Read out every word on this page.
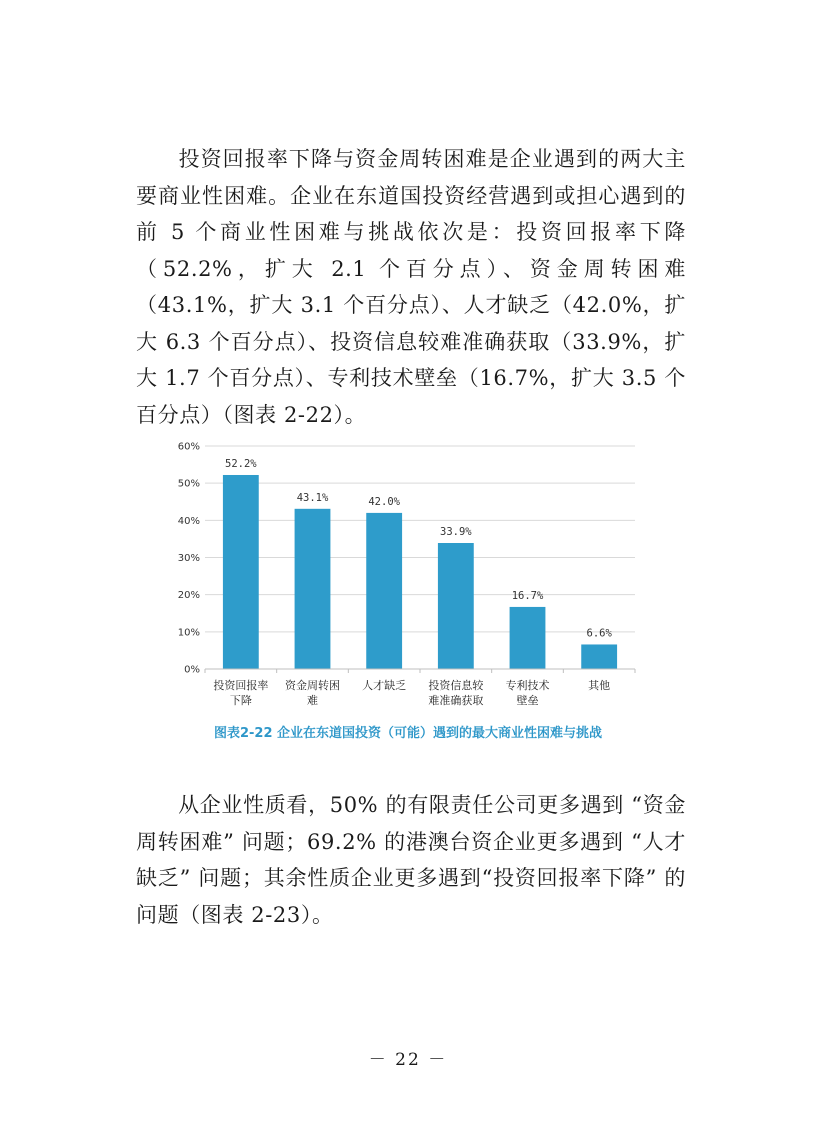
投资回报率下降与资金周转困难是企业遇到的两大主要商业性困难。企业在东道国投资经营遇到或担心遇到的前 5 个商业性困难与挑战依次是：投资回报率下降（52.2%，扩大 2.1 个百分点）、资金周转困难（43.1%，扩大 3.1 个百分点）、人才缺乏（42.0%，扩大 6.3 个百分点）、投资信息较难准确获取（33.9%，扩大 1.7 个百分点）、专利技术壁垒（16.7%，扩大 3.5 个百分点）（图表 2-22）。

0%
10%
20%
30%
40%
50%
60%
52.2%
43.1%	42.0%
33.9%
16.7%
6.6%
投资回报率下降
资金周转困难
人才缺乏 投资信息较难准确获取
专利技术壁垒
其他
图表2-22 企业在东道国投资（可能）遇到的最大商业性困难与挑战

从企业性质看，50% 的有限责任公司更多遇到 “资金周转困难” 问题；69.2% 的港澳台资企业更多遇到 “人才缺乏” 问题；其余性质企业更多遇到“投资回报率下降” 的问题（图表 2-23）。

－ 22 －
